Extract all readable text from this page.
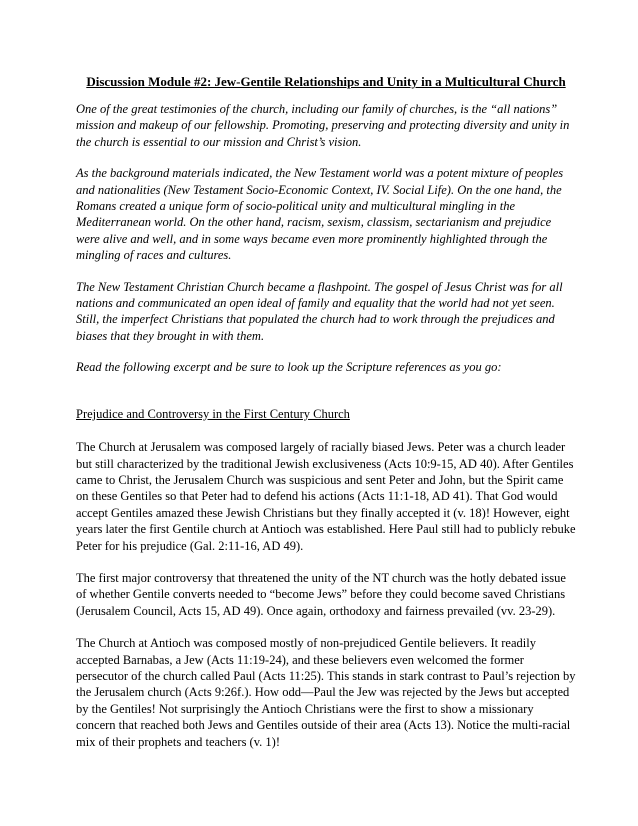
Discussion Module #2: Jew-Gentile Relationships and Unity in a Multicultural Church
One of the great testimonies of the church, including our family of churches, is the “all nations” mission and makeup of our fellowship. Promoting, preserving and protecting diversity and unity in the church is essential to our mission and Christ’s vision.
As the background materials indicated, the New Testament world was a potent mixture of peoples and nationalities (New Testament Socio-Economic Context, IV. Social Life). On the one hand, the Romans created a unique form of socio-political unity and multicultural mingling in the Mediterranean world. On the other hand, racism, sexism, classism, sectarianism and prejudice were alive and well, and in some ways became even more prominently highlighted through the mingling of races and cultures.
The New Testament Christian Church became a flashpoint. The gospel of Jesus Christ was for all nations and communicated an open ideal of family and equality that the world had not yet seen. Still, the imperfect Christians that populated the church had to work through the prejudices and biases that they brought in with them.
Read the following excerpt and be sure to look up the Scripture references as you go:
Prejudice and Controversy in the First Century Church
The Church at Jerusalem was composed largely of racially biased Jews. Peter was a church leader but still characterized by the traditional Jewish exclusiveness (Acts 10:9-15, AD 40). After Gentiles came to Christ, the Jerusalem Church was suspicious and sent Peter and John, but the Spirit came on these Gentiles so that Peter had to defend his actions (Acts 11:1-18, AD 41). That God would accept Gentiles amazed these Jewish Christians but they finally accepted it (v. 18)! However, eight years later the first Gentile church at Antioch was established. Here Paul still had to publicly rebuke Peter for his prejudice (Gal. 2:11-16, AD 49).
The first major controversy that threatened the unity of the NT church was the hotly debated issue of whether Gentile converts needed to “become Jews” before they could become saved Christians (Jerusalem Council, Acts 15, AD 49). Once again, orthodoxy and fairness prevailed (vv. 23-29).
The Church at Antioch was composed mostly of non-prejudiced Gentile believers. It readily accepted Barnabas, a Jew (Acts 11:19-24), and these believers even welcomed the former persecutor of the church called Paul (Acts 11:25). This stands in stark contrast to Paul’s rejection by the Jerusalem church (Acts 9:26f.). How odd—Paul the Jew was rejected by the Jews but accepted by the Gentiles! Not surprisingly the Antioch Christians were the first to show a missionary concern that reached both Jews and Gentiles outside of their area (Acts 13). Notice the multi-racial mix of their prophets and teachers (v. 1)!
